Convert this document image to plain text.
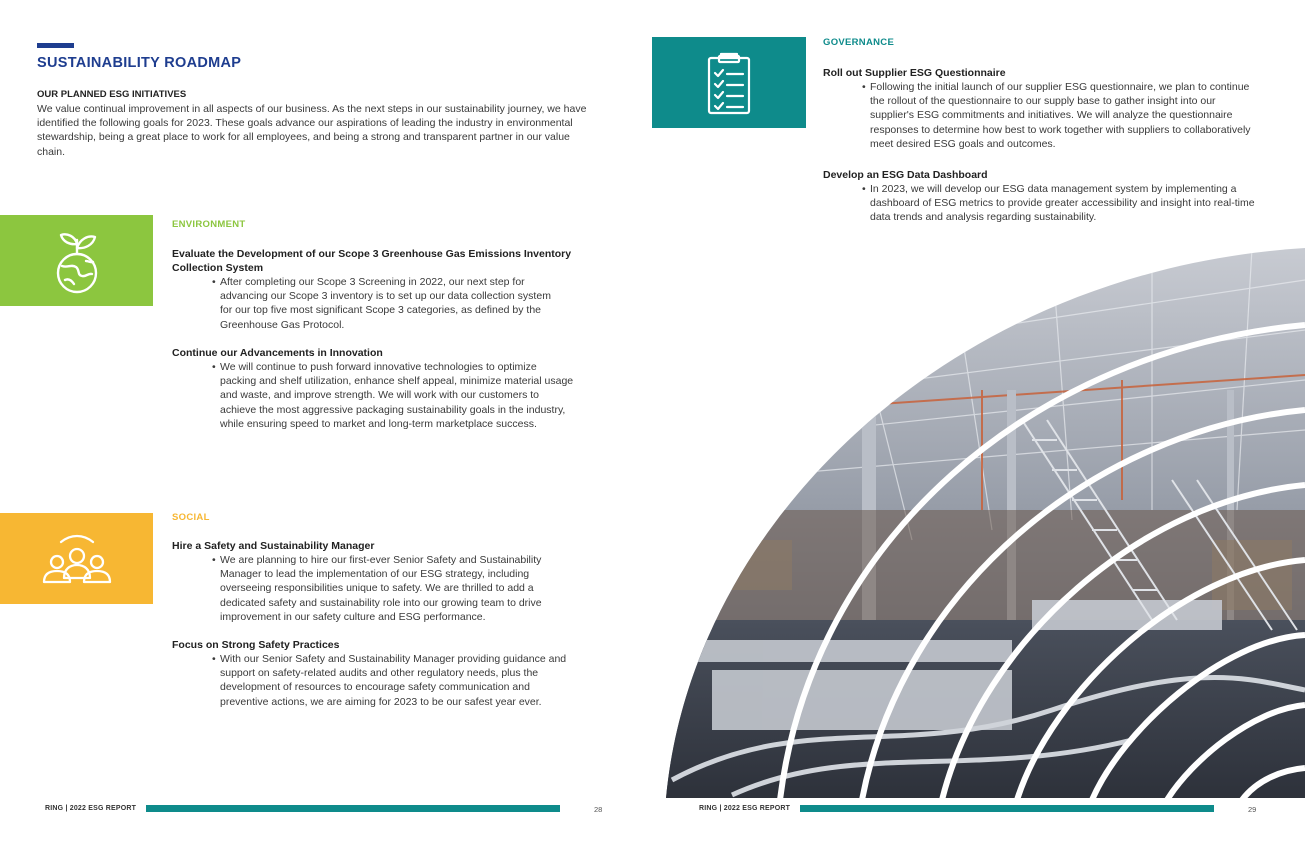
SUSTAINABILITY ROADMAP
OUR PLANNED ESG INITIATIVES
We value continual improvement in all aspects of our business. As the next steps in our sustainability journey, we have identified the following goals for 2023. These goals advance our aspirations of leading the industry in environmental stewardship, being a great place to work for all employees, and being a strong and transparent partner in our value chain.
ENVIRONMENT
Evaluate the Development of our Scope 3 Greenhouse Gas Emissions Inventory Collection System
• After completing our Scope 3 Screening in 2022, our next step for advancing our Scope 3 inventory is to set up our data collection system for our top five most significant Scope 3 categories, as defined by the Greenhouse Gas Protocol.
Continue our Advancements in Innovation
• We will continue to push forward innovative technologies to optimize packing and shelf utilization, enhance shelf appeal, minimize material usage and waste, and improve strength. We will work with our customers to achieve the most aggressive packaging sustainability goals in the industry, while ensuring speed to market and long-term marketplace success.
SOCIAL
Hire a Safety and Sustainability Manager
• We are planning to hire our first-ever Senior Safety and Sustainability Manager to lead the implementation of our ESG strategy, including overseeing responsibilities unique to safety. We are thrilled to add a dedicated safety and sustainability role into our growing team to drive improvement in our safety culture and ESG performance.
Focus on Strong Safety Practices
• With our Senior Safety and Sustainability Manager providing guidance and support on safety-related audits and other regulatory needs, plus the development of resources to encourage safety communication and preventive actions, we are aiming for 2023 to be our safest year ever.
RING | 2022 ESG REPORT	28
GOVERNANCE
Roll out Supplier ESG Questionnaire
• Following the initial launch of our supplier ESG questionnaire, we plan to continue the rollout of the questionnaire to our supply base to gather insight into our supplier's ESG commitments and initiatives. We will analyze the questionnaire responses to determine how best to work together with suppliers to collaboratively meet desired ESG goals and outcomes.
Develop an ESG Data Dashboard
• In 2023, we will develop our ESG data management system by implementing a dashboard of ESG metrics to provide greater accessibility and insight into real-time data trends and analysis regarding sustainability.
RING | 2022 ESG REPORT	29
